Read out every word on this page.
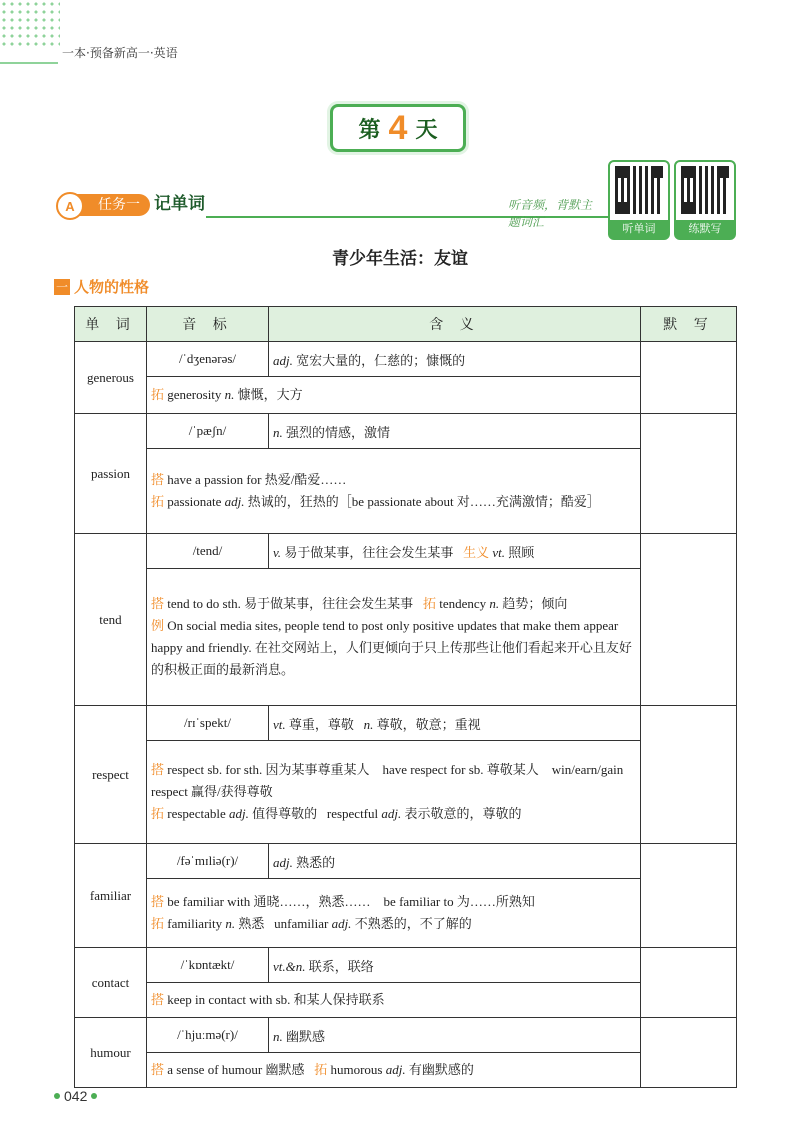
一本·预备新高一·英语
第 4 天
任务一
A	记单词	听音频，背默主题词汇	听单词	练默写
青少年生活：友谊
一 人物的性格
单 词	音 标	含 义	默 写
generous	/ˈdʒenərəs/	adj. 宽宏大量的，仁慈的；慷慨的	
	拓 generosity n. 慷慨，大方		
passion	/ˈpæʃn/	n. 强烈的情感，激情	

	搭 have a passion for 热爱/酷爱……
拓 passionate adj. 热诚的，狂热的［be passionate about 对……充满激情；酷爱］		

tend	/tend/	v. 易于做某事，往往会发生某事 生义 vt. 照顾	

	搭 tend to do sth. 易于做某事，往往会发生某事 拓 tendency n. 趋势；倾向
例 On social media sites, people tend to post only positive updates that make them appear happy and friendly. 在社交网站上，人们更倾向于只上传那些让他们看起来开心且友好的积极正面的最新消息。		

respect	/rɪˈspekt/	vt. 尊重，尊敬 n. 尊敬，敬意；重视	

	搭 respect sb. for sth. 因为某事尊重某人　have respect for sb. 尊敬某人　win/earn/gain respect 赢得/获得尊敬
拓 respectable adj. 值得尊敬的 respectful adj. 表示敬意的，尊敬的		

familiar	/fəˈmɪliə(r)/	adj. 熟悉的	

	搭 be familiar with 通晓……，熟悉……　be familiar to 为……所熟知
拓 familiarity n. 熟悉 unfamiliar adj. 不熟悉的，不了解的		

contact	/ˈkɒntækt/	vt.&n. 联系，联络	
	搭 keep in contact with sb. 和某人保持联系		
humour	/ˈhjuːmə(r)/	n. 幽默感	
	搭 a sense of humour 幽默感 拓 humorous adj. 有幽默感的		
042
